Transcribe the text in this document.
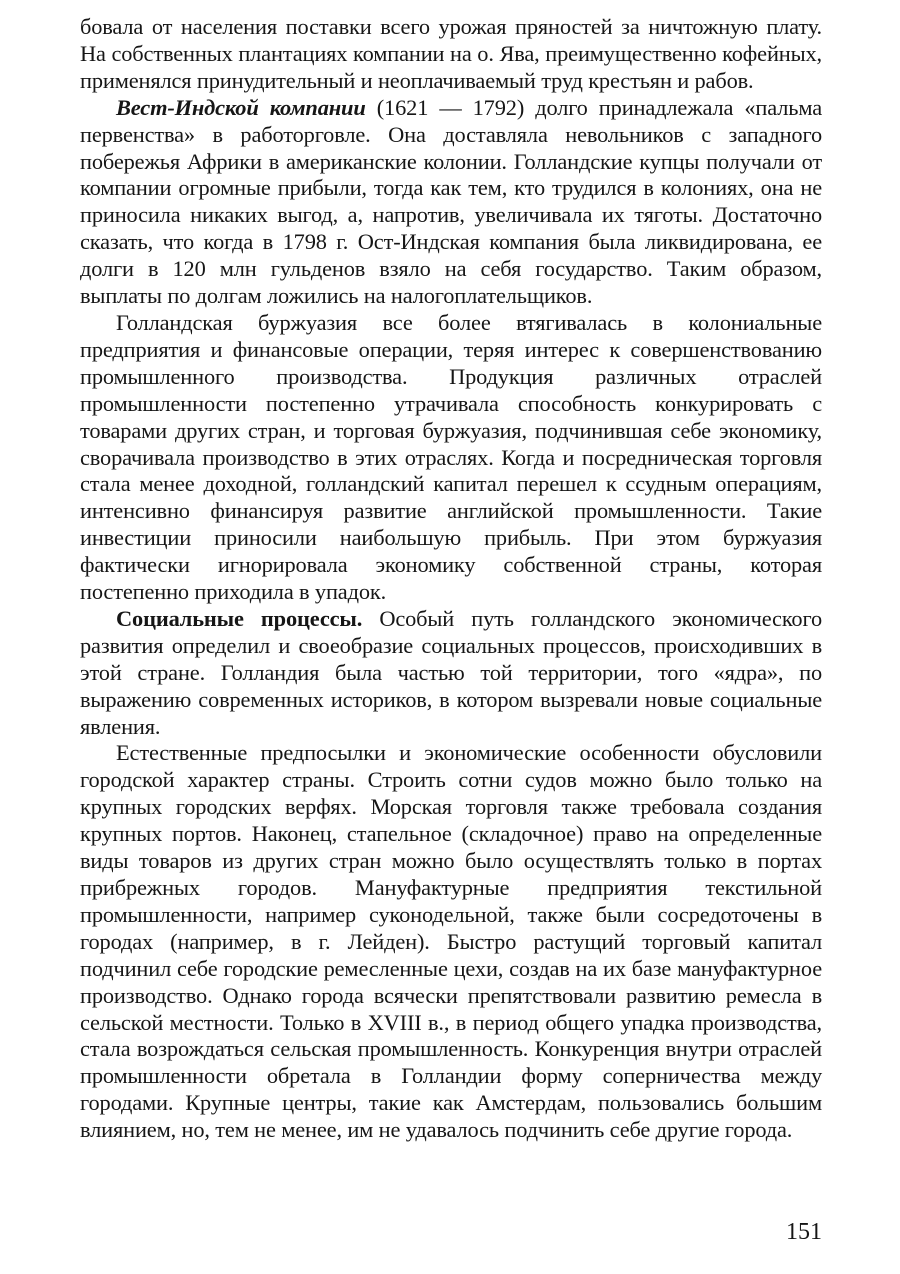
бовала от населения поставки всего урожая пряностей за ничтожную плату. На собственных плантациях компании на о. Ява, преимущественно кофейных, применялся принудительный и неоплачиваемый труд крестьян и рабов.

Вест-Индской компании (1621 — 1792) долго принадлежала «пальма первенства» в работорговле. Она доставляла невольников с западного побережья Африки в американские колонии. Голландские купцы получали от компании огромные прибыли, тогда как тем, кто трудился в колониях, она не приносила никаких выгод, а, напротив, увеличивала их тяготы. Достаточно сказать, что когда в 1798 г. Ост-Индская компания была ликвидирована, ее долги в 120 млн гульденов взяло на себя государство. Таким образом, выплаты по долгам ложились на налогоплательщиков.

Голландская буржуазия все более втягивалась в колониальные предприятия и финансовые операции, теряя интерес к совершенствованию промышленного производства. Продукция различных отраслей промышленности постепенно утрачивала способность конкурировать с товарами других стран, и торговая буржуазия, подчинившая себе экономику, сворачивала производство в этих отраслях. Когда и посредническая торговля стала менее доходной, голландский капитал перешел к ссудным операциям, интенсивно финансируя развитие английской промышленности. Такие инвестиции приносили наибольшую прибыль. При этом буржуазия фактически игнорировала экономику собственной страны, которая постепенно приходила в упадок.

Социальные процессы. Особый путь голландского экономического развития определил и своеобразие социальных процессов, происходивших в этой стране. Голландия была частью той территории, того «ядра», по выражению современных историков, в котором вызревали новые социальные явления.

Естественные предпосылки и экономические особенности обусловили городской характер страны. Строить сотни судов можно было только на крупных городских верфях. Морская торговля также требовала создания крупных портов. Наконец, стапельное (складочное) право на определенные виды товаров из других стран можно было осуществлять только в портах прибрежных городов. Мануфактурные предприятия текстильной промышленности, например суконодельной, также были сосредоточены в городах (например, в г. Лейден). Быстро растущий торговый капитал подчинил себе городские ремесленные цехи, создав на их базе мануфактурное производство. Однако города всячески препятствовали развитию ремесла в сельской местности. Только в XVIII в., в период общего упадка производства, стала возрождаться сельская промышленность. Конкуренция внутри отраслей промышленности обретала в Голландии форму соперничества между городами. Крупные центры, такие как Амстердам, пользовались большим влиянием, но, тем не менее, им не удавалось подчинить себе другие города.

151
